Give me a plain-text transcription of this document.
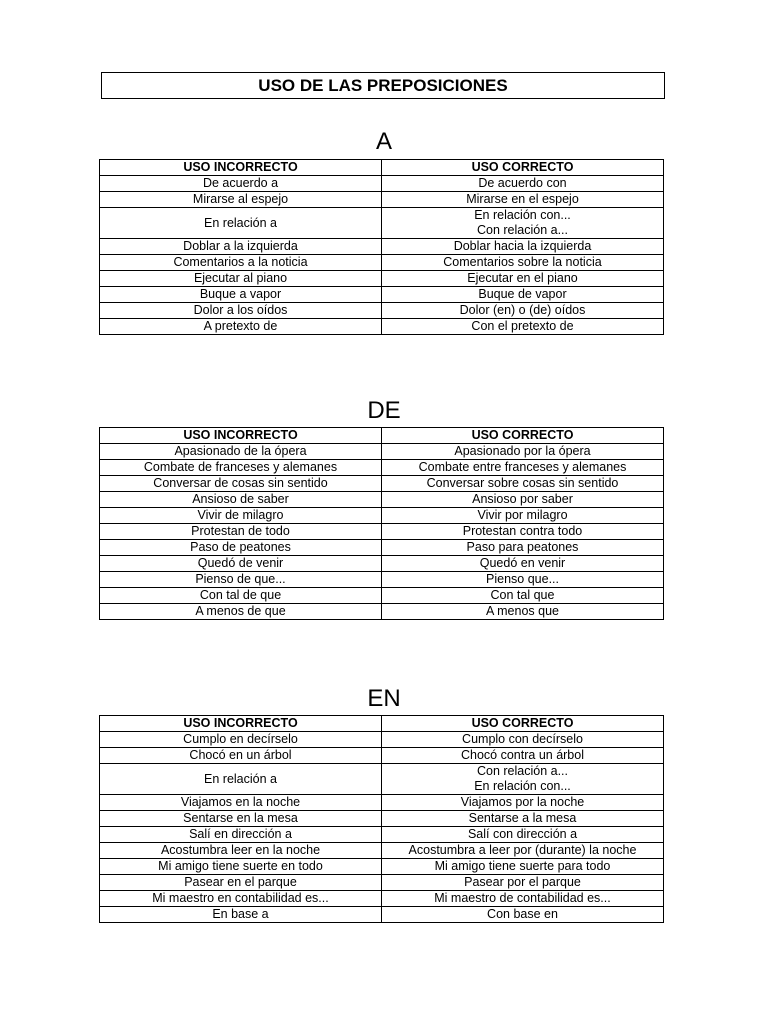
USO DE LAS PREPOSICIONES
A
USO INCORRECTO	USO CORRECTO

De acuerdo a	De acuerdo con

Mirarse al espejo	Mirarse en el espejo

En relación a	En relación con...
Con relación a...

Doblar a la izquierda	Doblar hacia la izquierda

Comentarios a la noticia	Comentarios sobre la noticia

Ejecutar al piano	Ejecutar en el piano

Buque a vapor	Buque de vapor

Dolor a los oídos	Dolor (en) o (de) oídos

A pretexto de	Con el pretexto de
DE
USO INCORRECTO	USO CORRECTO

Apasionado de la ópera	Apasionado por la ópera

Combate de franceses y alemanes	Combate entre franceses y alemanes

Conversar de cosas sin sentido	Conversar sobre cosas sin sentido

Ansioso de saber	Ansioso por saber

Vivir de milagro	Vivir por milagro

Protestan de todo	Protestan contra todo

Paso de peatones	Paso para peatones

Quedó de venir	Quedó en venir

Pienso de que...	Pienso que...

Con tal de que	Con tal que

A menos de que	A menos que
EN
USO INCORRECTO	USO CORRECTO

Cumplo en decírselo	Cumplo con decírselo

Chocó en un árbol	Chocó contra un árbol

En relación a	Con relación a...
En relación con...

Viajamos en la noche	Viajamos por la noche

Sentarse en la mesa	Sentarse a la mesa

Salí en dirección a	Salí con dirección a

Acostumbra leer en la noche	Acostumbra a leer por (durante) la noche

Mi amigo tiene suerte en todo	Mi amigo tiene suerte para todo

Pasear en el parque	Pasear por el parque

Mi maestro en contabilidad es...	Mi maestro de contabilidad es...

En base a	Con base en
